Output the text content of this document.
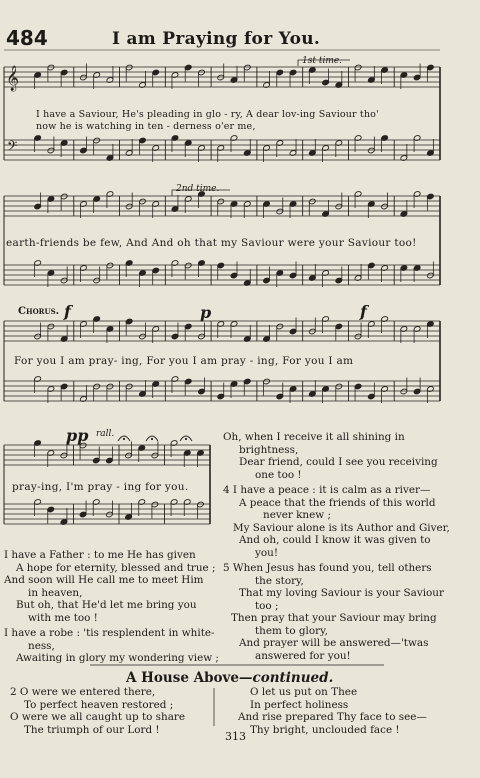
484	I am Praying for You.
𝄞
𝄢
1st time.
2nd time.
Chorus. f	p	f
pp rall.
I have a Saviour, He's pleading in glo - ry, A dear lov-ing Saviour tho'
now he is watching in ten - derness o'er me,
earth-friends be few, And And oh that my Saviour were your Saviour too!
For you I am pray- ing, For you I am pray - ing, For you I am
pray-ing, I'm pray - ing for you.
Oh, when I receive it all shining in
brightness,
Dear friend, could I see you receiving
one too !
4 I have a peace : it is calm as a river—
A peace that the friends of this world
never knew ;
My Saviour alone is its Author and Giver,
And oh, could I know it was given to
you!
5 When Jesus has found you, tell others
the story,
That my loving Saviour is your Saviour
too ;
Then pray that your Saviour may bring
them to glory,
And prayer will be answered—'twas
answered for you!
I have a Father : to me He has given
A hope for eternity, blessed and true ;
And soon will He call me to meet Him
in heaven,
But oh, that He'd let me bring you
with me too !
I have a robe : 'tis resplendent in white-
ness,
Awaiting in glory my wondering view ;
A House Above—continued.
2 O were we entered there,
To perfect heaven restored ;
O were we all caught up to share
The triumph of our Lord !
O let us put on Thee
In perfect holiness
And rise prepared Thy face to see—
Thy bright, unclouded face !
313
